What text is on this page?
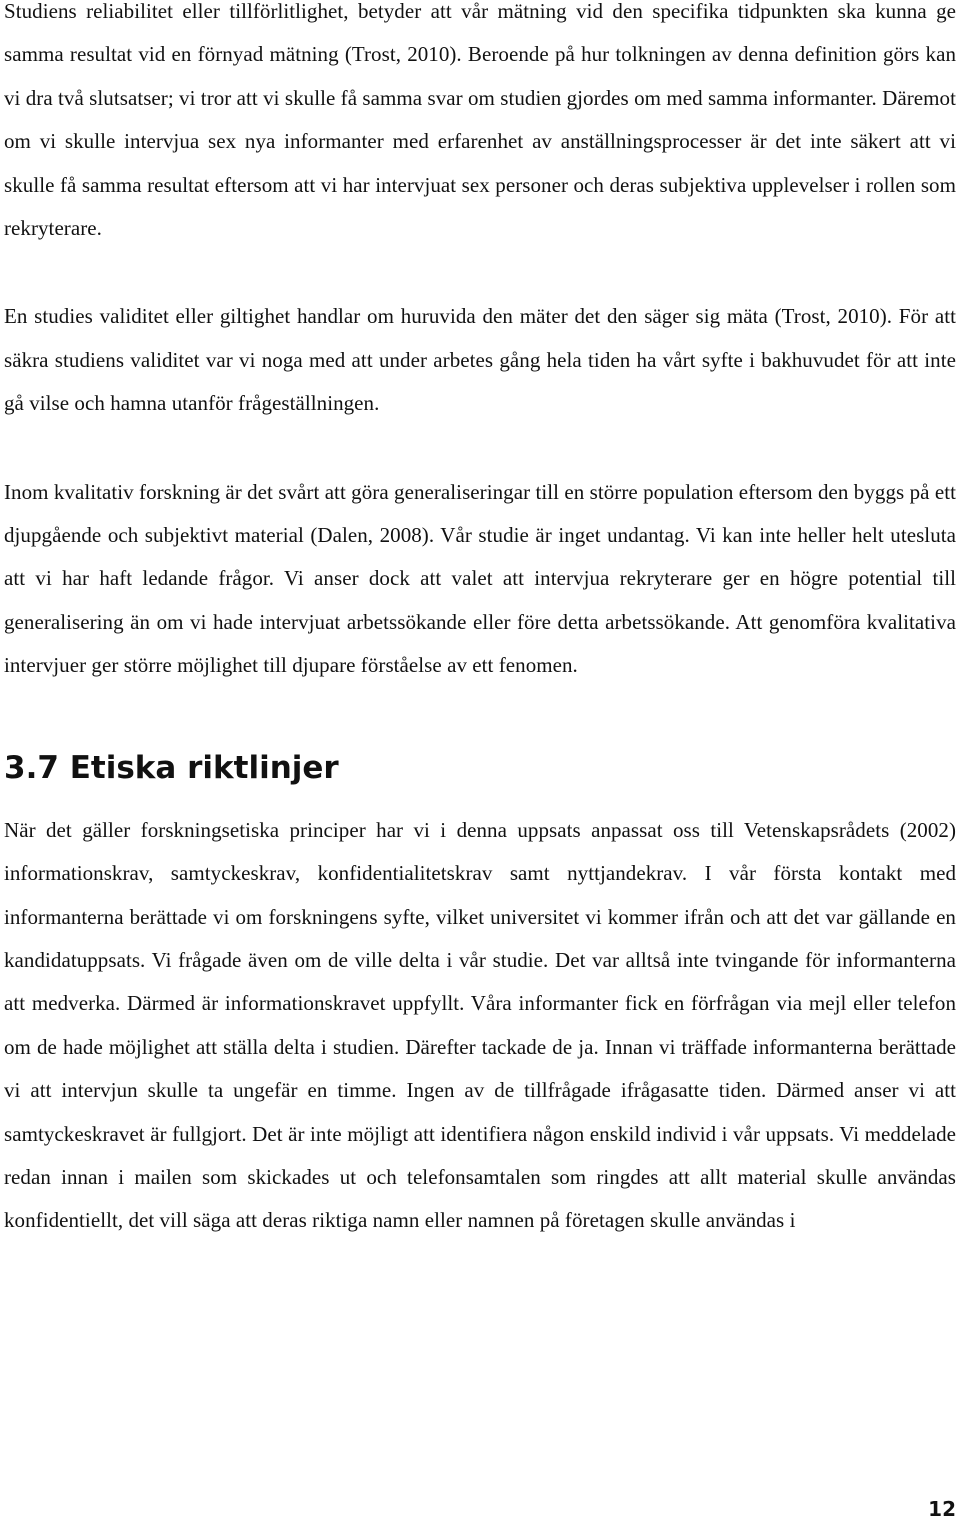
Studiens reliabilitet eller tillförlitlighet, betyder att vår mätning vid den specifika tidpunkten ska kunna ge samma resultat vid en förnyad mätning (Trost, 2010). Beroende på hur tolkningen av denna definition görs kan vi dra två slutsatser; vi tror att vi skulle få samma svar om studien gjordes om med samma informanter. Däremot om vi skulle intervjua sex nya informanter med erfarenhet av anställningsprocesser är det inte säkert att vi skulle få samma resultat eftersom att vi har intervjuat sex personer och deras subjektiva upplevelser i rollen som rekryterare.

En studies validitet eller giltighet handlar om huruvida den mäter det den säger sig mäta (Trost, 2010). För att säkra studiens validitet var vi noga med att under arbetes gång hela tiden ha vårt syfte i bakhuvudet för att inte gå vilse och hamna utanför frågeställningen.

Inom kvalitativ forskning är det svårt att göra generaliseringar till en större population eftersom den byggs på ett djupgående och subjektivt material (Dalen, 2008). Vår studie är inget undantag. Vi kan inte heller helt utesluta att vi har haft ledande frågor. Vi anser dock att valet att intervjua rekryterare ger en högre potential till generalisering än om vi hade intervjuat arbetssökande eller före detta arbetssökande. Att genomföra kvalitativa intervjuer ger större möjlighet till djupare förståelse av ett fenomen.

3.7 Etiska riktlinjer

När det gäller forskningsetiska principer har vi i denna uppsats anpassat oss till Vetenskapsrådets (2002) informationskrav, samtyckeskrav, konfidentialitetskrav samt nyttjandekrav. I vår första kontakt med informanterna berättade vi om forskningens syfte, vilket universitet vi kommer ifrån och att det var gällande en kandidatuppsats. Vi frågade även om de ville delta i vår studie. Det var alltså inte tvingande för informanterna att medverka. Därmed är informationskravet uppfyllt. Våra informanter fick en förfrågan via mejl eller telefon om de hade möjlighet att ställa delta i studien. Därefter tackade de ja. Innan vi träffade informanterna berättade vi att intervjun skulle ta ungefär en timme. Ingen av de tillfrågade ifrågasatte tiden. Därmed anser vi att samtyckeskravet är fullgjort. Det är inte möjligt att identifiera någon enskild individ i vår uppsats. Vi meddelade redan innan i mailen som skickades ut och telefonsamtalen som ringdes att allt material skulle användas konfidentiellt, det vill säga att deras riktiga namn eller namnen på företagen skulle användas i

12
